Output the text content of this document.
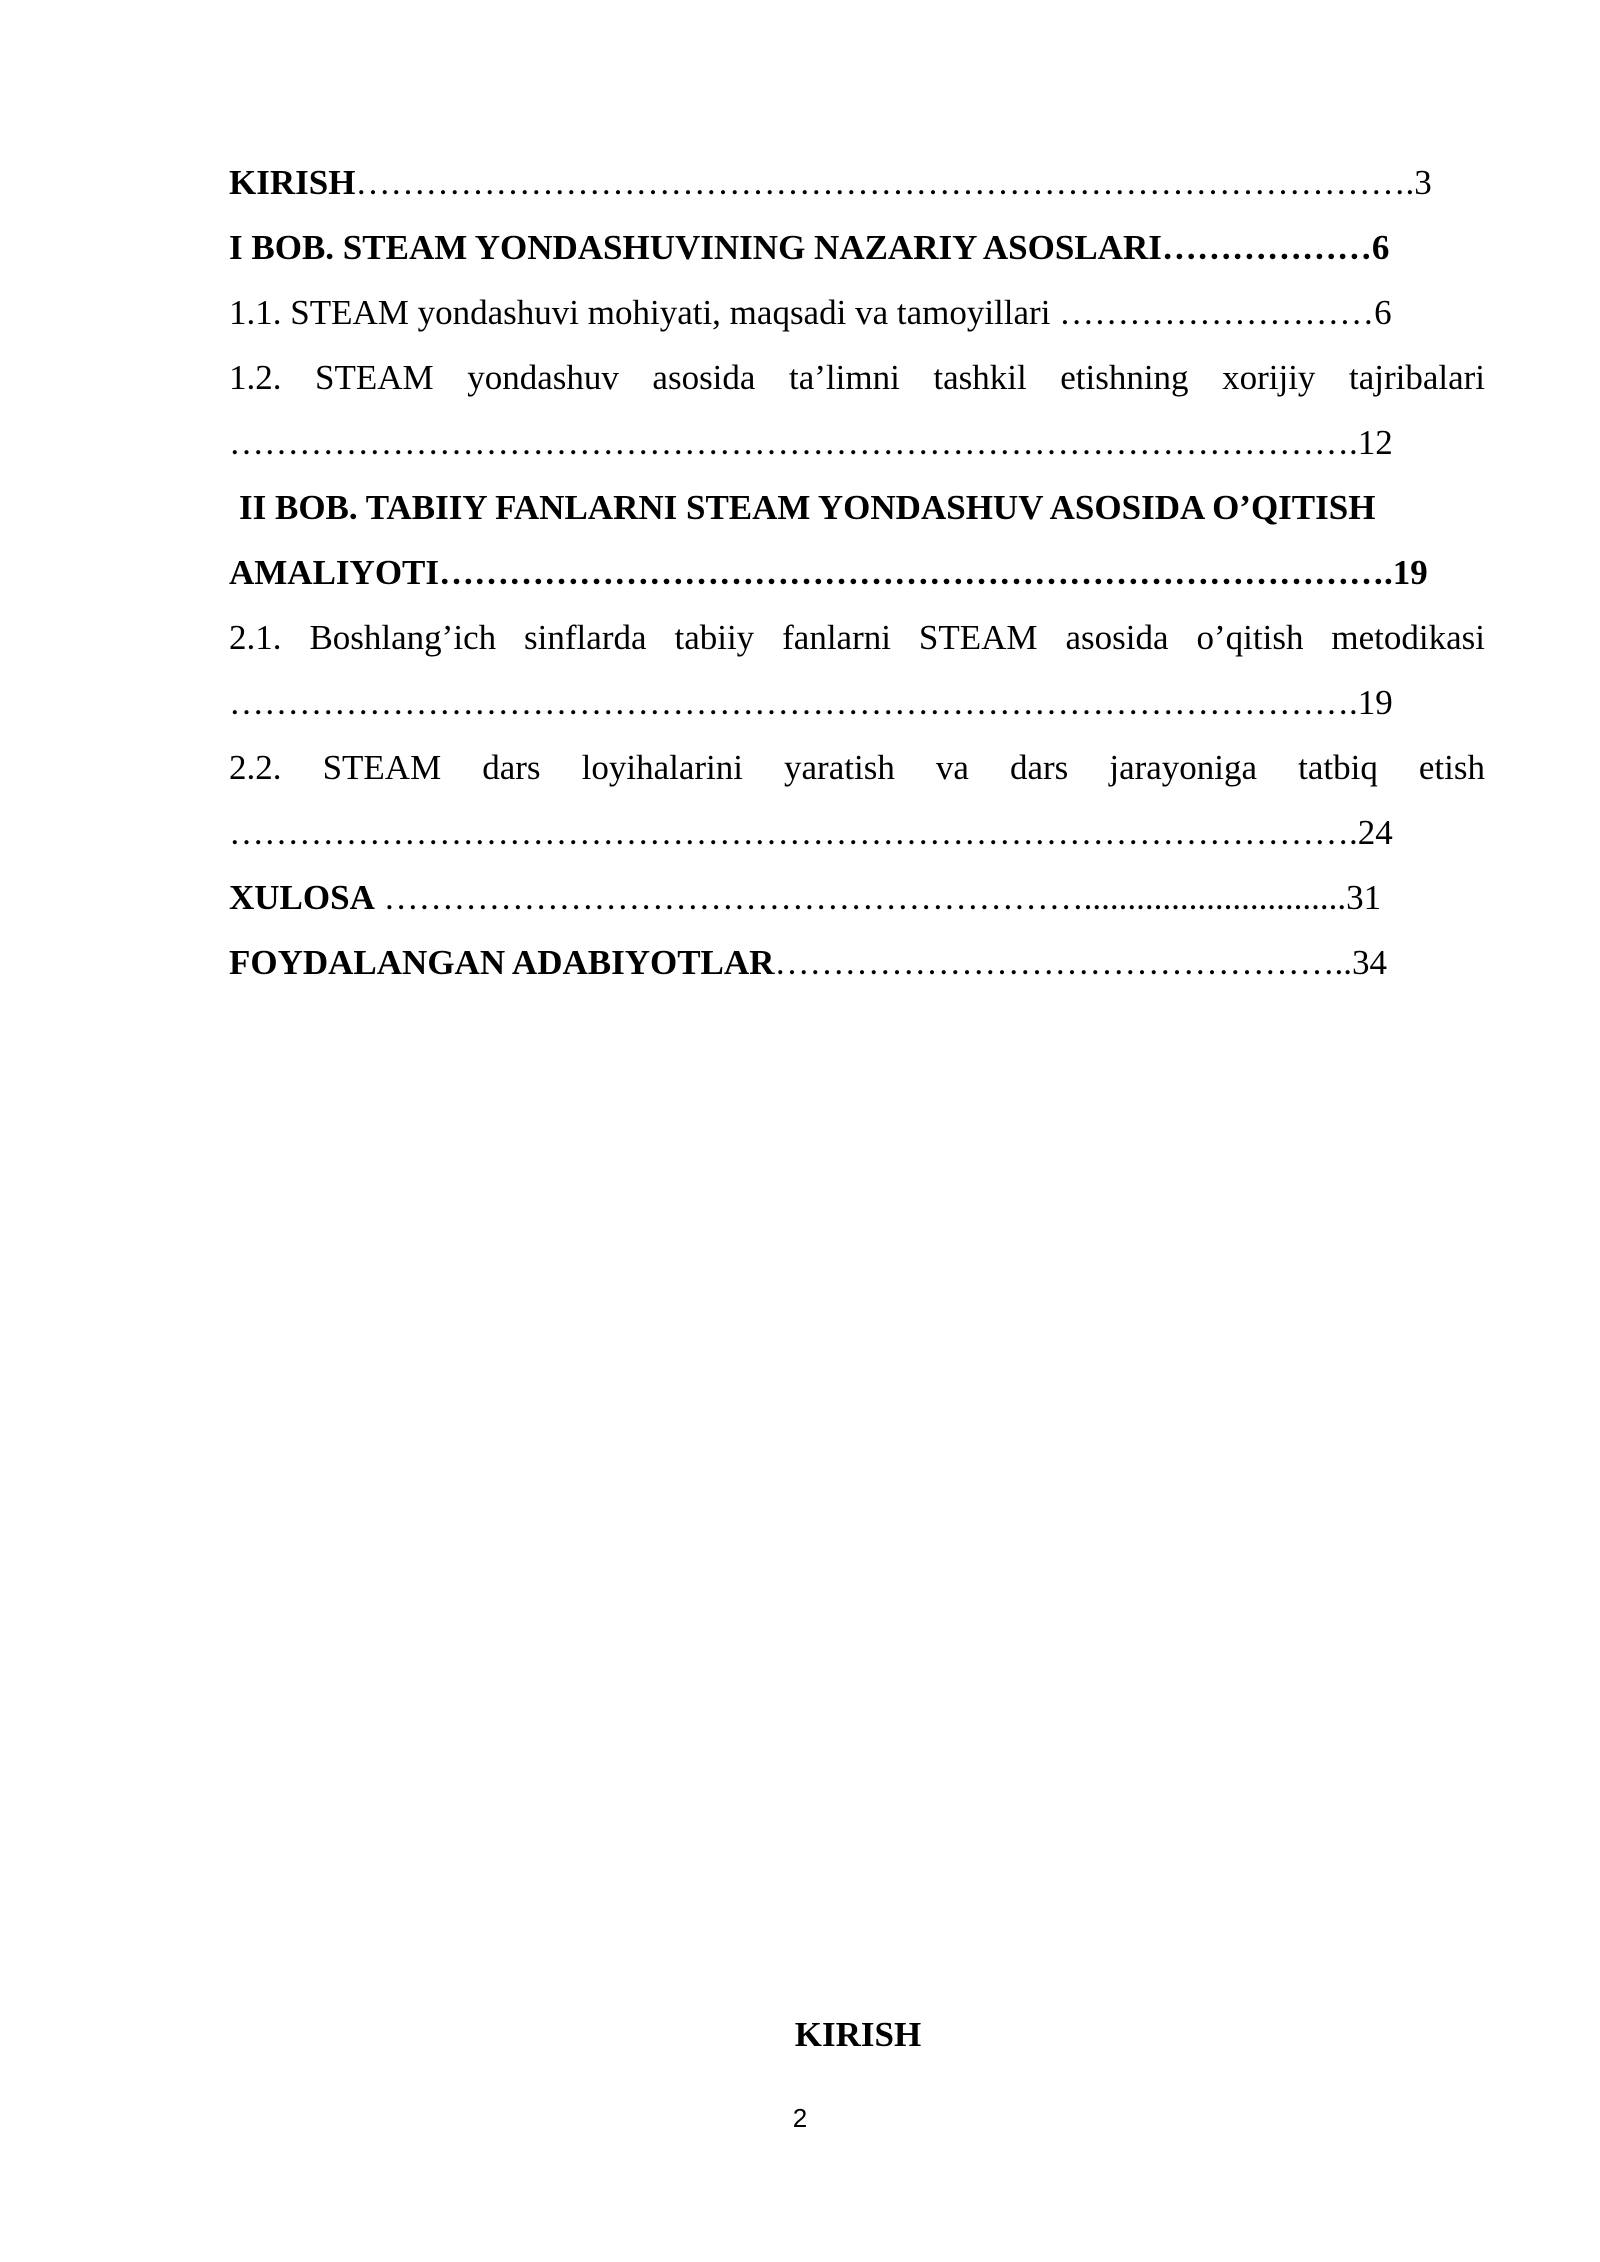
KIRISH……………………………………………………………………………….3
I BOB. STEAM YONDASHUVINING NAZARIY ASOSLARI………………6
1.1. STEAM yondashuvi mohiyati, maqsadi va tamoyillari ………………………6
1.2. STEAM yondashuv asosida ta’limni tashkil etishning xorijiy tajribalari
…………………………………………………………………………………….12
II BOB. TABIIY FANLARNI STEAM YONDASHUV ASOSIDA O’QITISH
AMALIYOTI……………………………………………………………………….19
2.1. Boshlang’ich sinflarda tabiiy fanlarni STEAM asosida o’qitish metodikasi
…………………………………………………………………………………….19
2.2. STEAM dars loyihalarini yaratish va dars jarayoniga tatbiq etish
…………………………………………………………………………………….24
XULOSA ……………………………………………………..............................31
FOYDALANGAN ADABIYOTLAR…………………………………………..34
KIRISH
2
